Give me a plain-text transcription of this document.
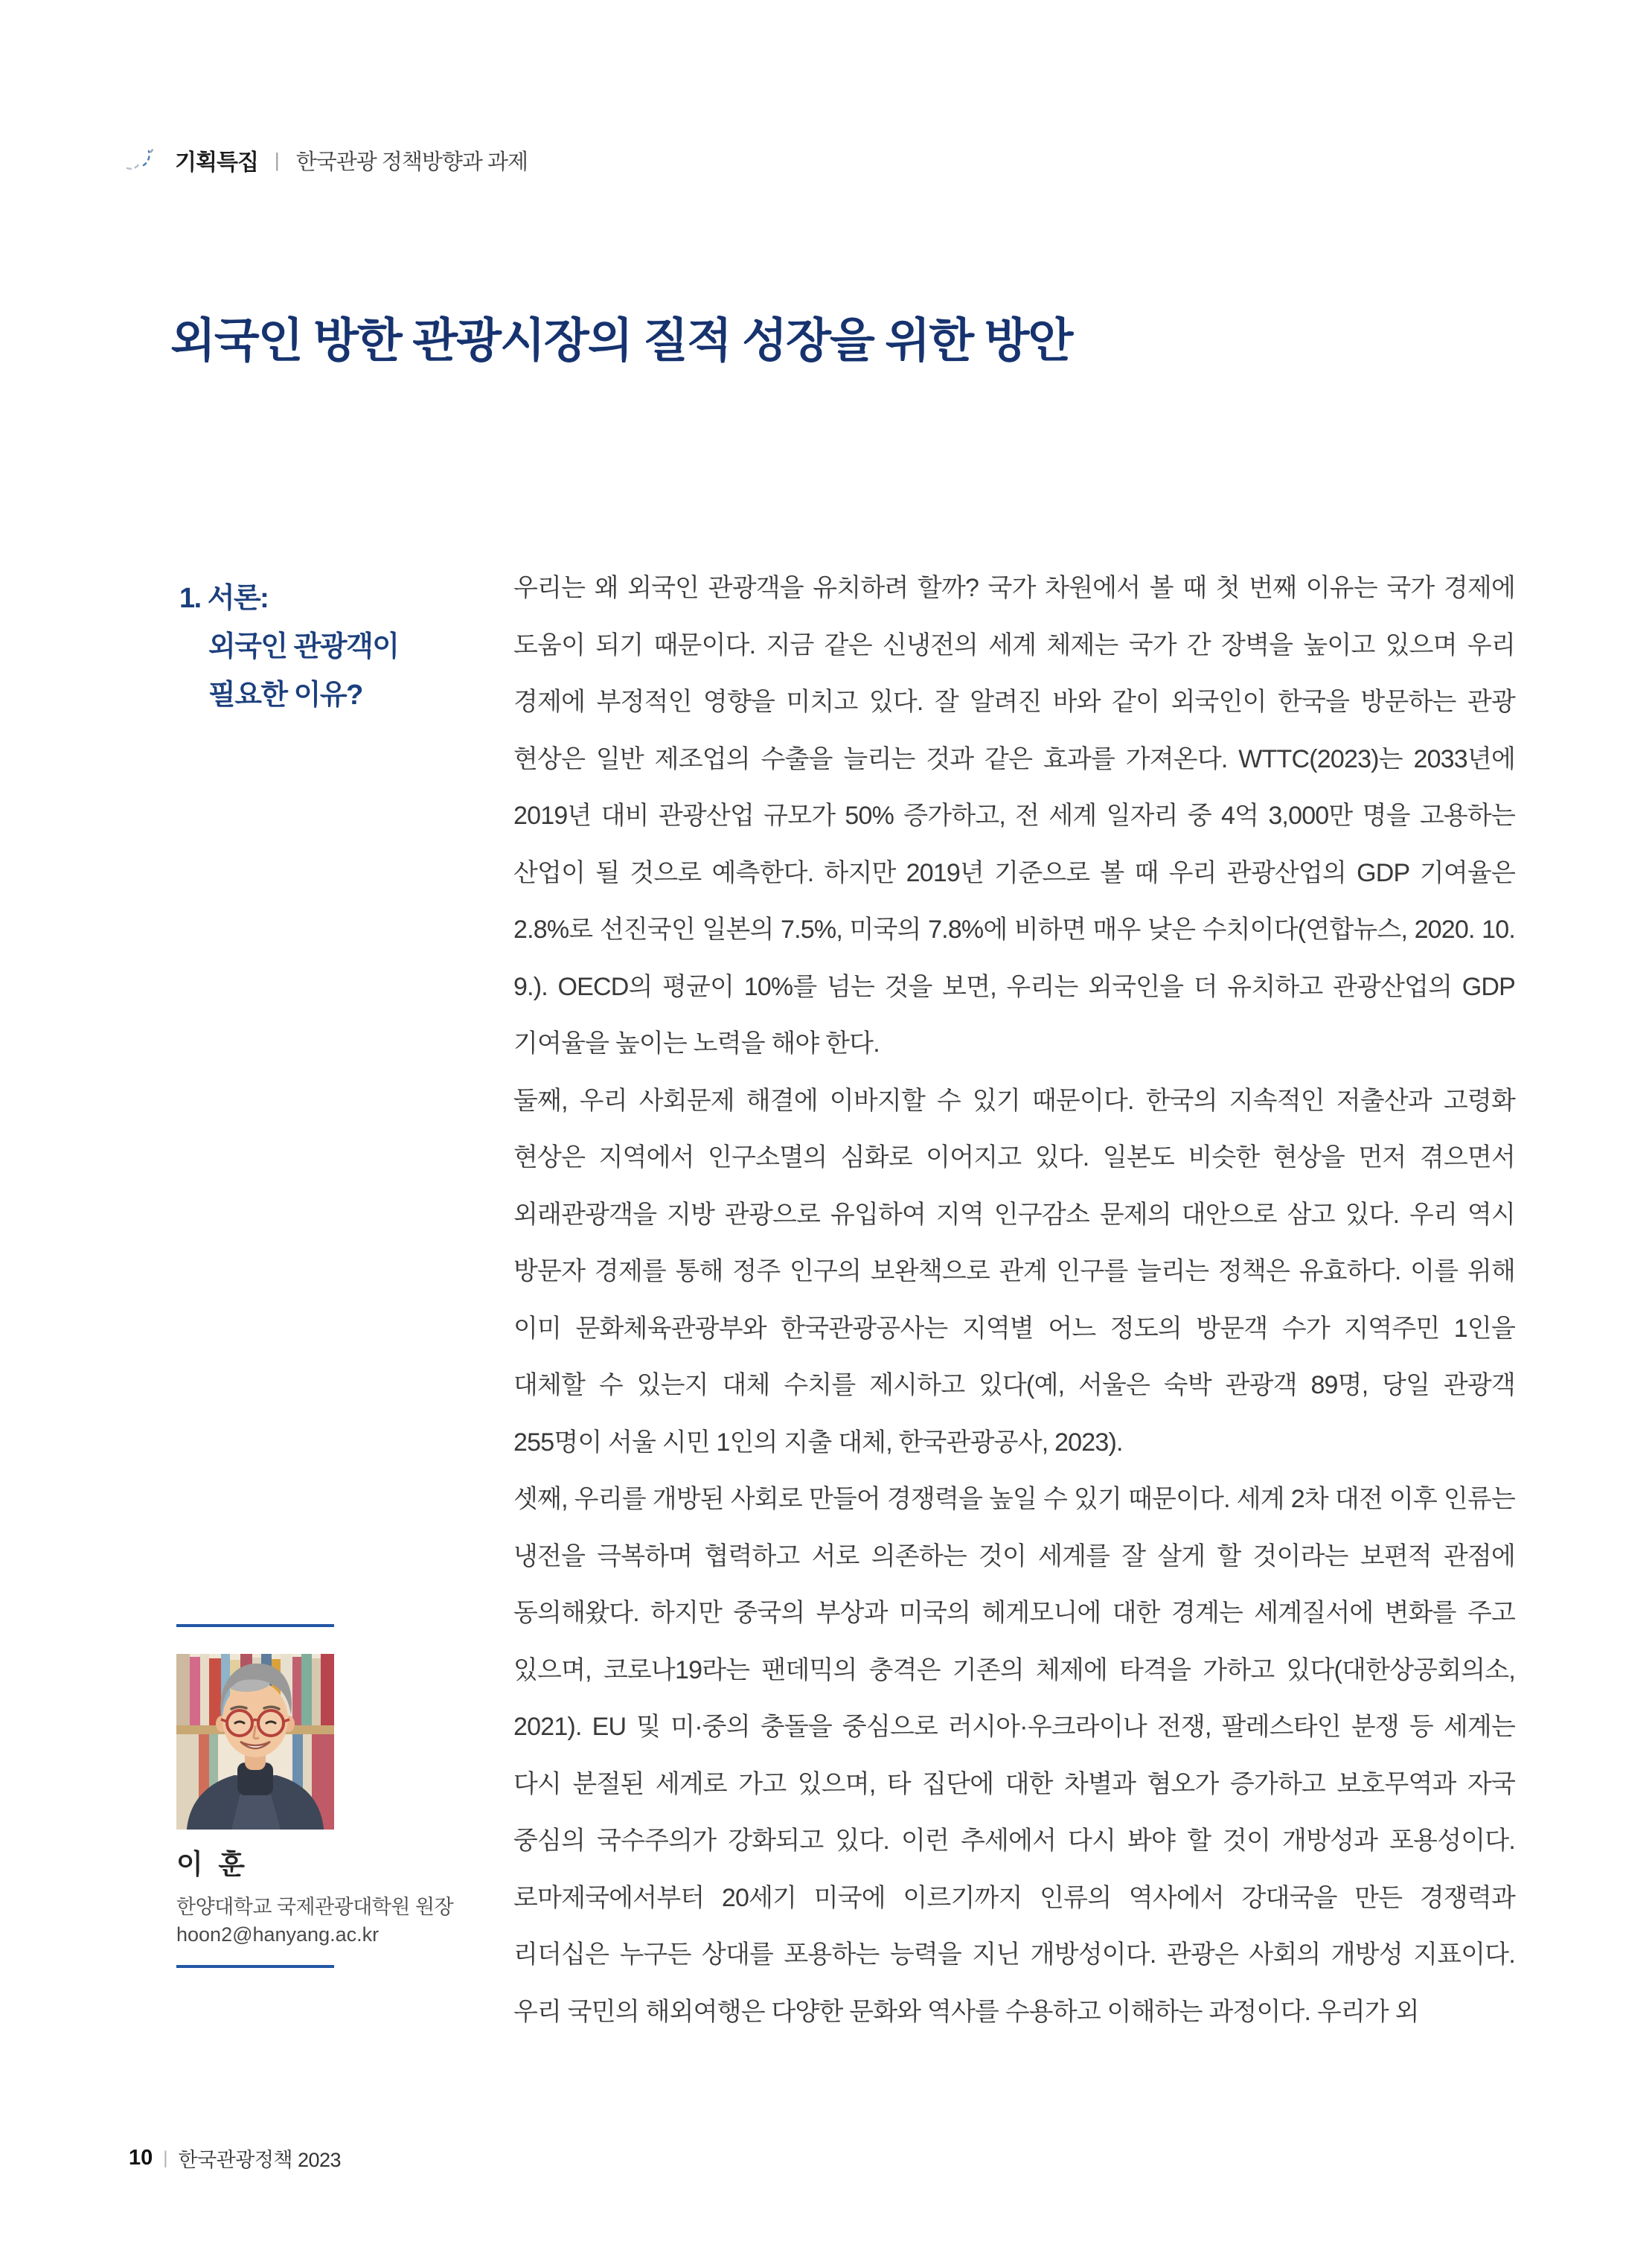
기획특집 | 한국관광 정책방향과 과제
외국인 방한 관광시장의 질적 성장을 위한 방안
1. 서론:
외국인 관광객이
필요한 이유?

우리는 왜 외국인 관광객을 유치하려 할까? 국가 차원에서 볼 때 첫 번째 이유는 국가 경제에 도움이 되기 때문이다. 지금 같은 신냉전의 세계 체제는 국가 간 장벽을 높이고 있으며 우리 경제에 부정적인 영향을 미치고 있다. 잘 알려진 바와 같이 외국인이 한국을 방문하는 관광 현상은 일반 제조업의 수출을 늘리는 것과 같은 효과를 가져온다. WTTC(2023)는 2033년에 2019년 대비 관광산업 규모가 50% 증가하고, 전 세계 일자리 중 4억 3,000만 명을 고용하는 산업이 될 것으로 예측한다. 하지만 2019년 기준으로 볼 때 우리 관광산업의 GDP 기여율은 2.8%로 선진국인 일본의 7.5%, 미국의 7.8%에 비하면 매우 낮은 수치이다(연합뉴스, 2020. 10. 9.). OECD의 평균이 10%를 넘는 것을 보면, 우리는 외국인을 더 유치하고 관광산업의 GDP 기여율을 높이는 노력을 해야 한다.

둘째, 우리 사회문제 해결에 이바지할 수 있기 때문이다. 한국의 지속적인 저출산과 고령화 현상은 지역에서 인구소멸의 심화로 이어지고 있다. 일본도 비슷한 현상을 먼저 겪으면서 외래관광객을 지방 관광으로 유입하여 지역 인구감소 문제의 대안으로 삼고 있다. 우리 역시 방문자 경제를 통해 정주 인구의 보완책으로 관계 인구를 늘리는 정책은 유효하다. 이를 위해 이미 문화체육관광부와 한국관광공사는 지역별 어느 정도의 방문객 수가 지역주민 1인을 대체할 수 있는지 대체 수치를 제시하고 있다(예, 서울은 숙박 관광객 89명, 당일 관광객 255명이 서울 시민 1인의 지출 대체, 한국관광공사, 2023).

셋째, 우리를 개방된 사회로 만들어 경쟁력을 높일 수 있기 때문이다. 세계 2차 대전 이후 인류는 냉전을 극복하며 협력하고 서로 의존하는 것이 세계를 잘 살게 할 것이라는 보편적 관점에 동의해왔다. 하지만 중국의 부상과 미국의 헤게모니에 대한 경계는 세계질서에 변화를 주고 있으며, 코로나19라는 팬데믹의 충격은 기존의 체제에 타격을 가하고 있다(대한상공회의소, 2021). EU 및 미·중의 충돌을 중심으로 러시아·우크라이나 전쟁, 팔레스타인 분쟁 등 세계는 다시 분절된 세계로 가고 있으며, 타 집단에 대한 차별과 혐오가 증가하고 보호무역과 자국 중심의 국수주의가 강화되고 있다. 이런 추세에서 다시 봐야 할 것이 개방성과 포용성이다. 로마제국에서부터 20세기 미국에 이르기까지 인류의 역사에서 강대국을 만든 경쟁력과 리더십은 누구든 상대를 포용하는 능력을 지닌 개방성이다. 관광은 사회의 개방성 지표이다. 우리 국민의 해외여행은 다양한 문화와 역사를 수용하고 이해하는 과정이다. 우리가 외

이  훈
한양대학교 국제관광대학원 원장
hoon2@hanyang.ac.kr
10 | 한국관광정책 2023
